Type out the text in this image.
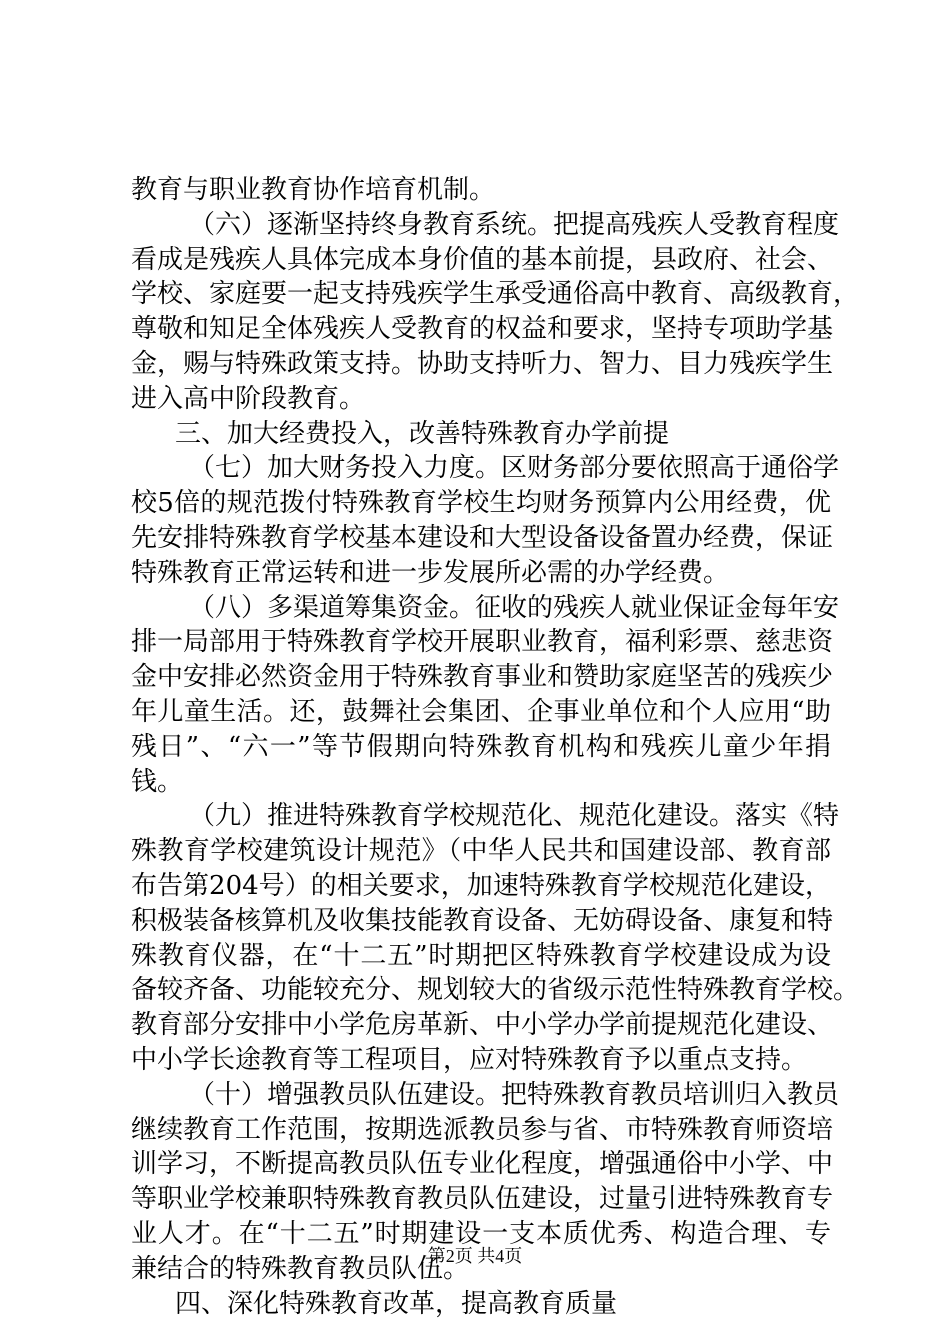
教育与职业教育协作培育机制。
（六）逐渐坚持终身教育系统。把提高残疾人受教育程度
看成是残疾人具体完成本身价值的基本前提，县政府、社会、
学校、家庭要一起支持残疾学生承受通俗高中教育、高级教育，
尊敬和知足全体残疾人受教育的权益和要求，坚持专项助学基
金，赐与特殊政策支持。协助支持听力、智力、目力残疾学生
进入高中阶段教育。
三、加大经费投入，改善特殊教育办学前提
（七）加大财务投入力度。区财务部分要依照高于通俗学
校5倍的规范拨付特殊教育学校生均财务预算内公用经费，优
先安排特殊教育学校基本建设和大型设备设备置办经费，保证
特殊教育正常运转和进一步发展所必需的办学经费。
（八）多渠道筹集资金。征收的残疾人就业保证金每年安
排一局部用于特殊教育学校开展职业教育，福利彩票、慈悲资
金中安排必然资金用于特殊教育事业和赞助家庭坚苦的残疾少
年儿童生活。还，鼓舞社会集团、企事业单位和个人应用“助
残日”、“六一”等节假期向特殊教育机构和残疾儿童少年捐
钱。
（九）推进特殊教育学校规范化、规范化建设。落实《特
殊教育学校建筑设计规范》（中华人民共和国建设部、教育部
布告第204号）的相关要求，加速特殊教育学校规范化建设，
积极装备核算机及收集技能教育设备、无妨碍设备、康复和特
殊教育仪器，在“十二五”时期把区特殊教育学校建设成为设
备较齐备、功能较充分、规划较大的省级示范性特殊教育学校。
教育部分安排中小学危房革新、中小学办学前提规范化建设、
中小学长途教育等工程项目，应对特殊教育予以重点支持。
（十）增强教员队伍建设。把特殊教育教员培训归入教员
继续教育工作范围，按期选派教员参与省、市特殊教育师资培
训学习，不断提高教员队伍专业化程度，增强通俗中小学、中
等职业学校兼职特殊教育教员队伍建设，过量引进特殊教育专
业人才。在“十二五”时期建设一支本质优秀、构造合理、专
兼结合的特殊教育教员队伍。
四、深化特殊教育改革，提高教育质量
第2页 共4页
